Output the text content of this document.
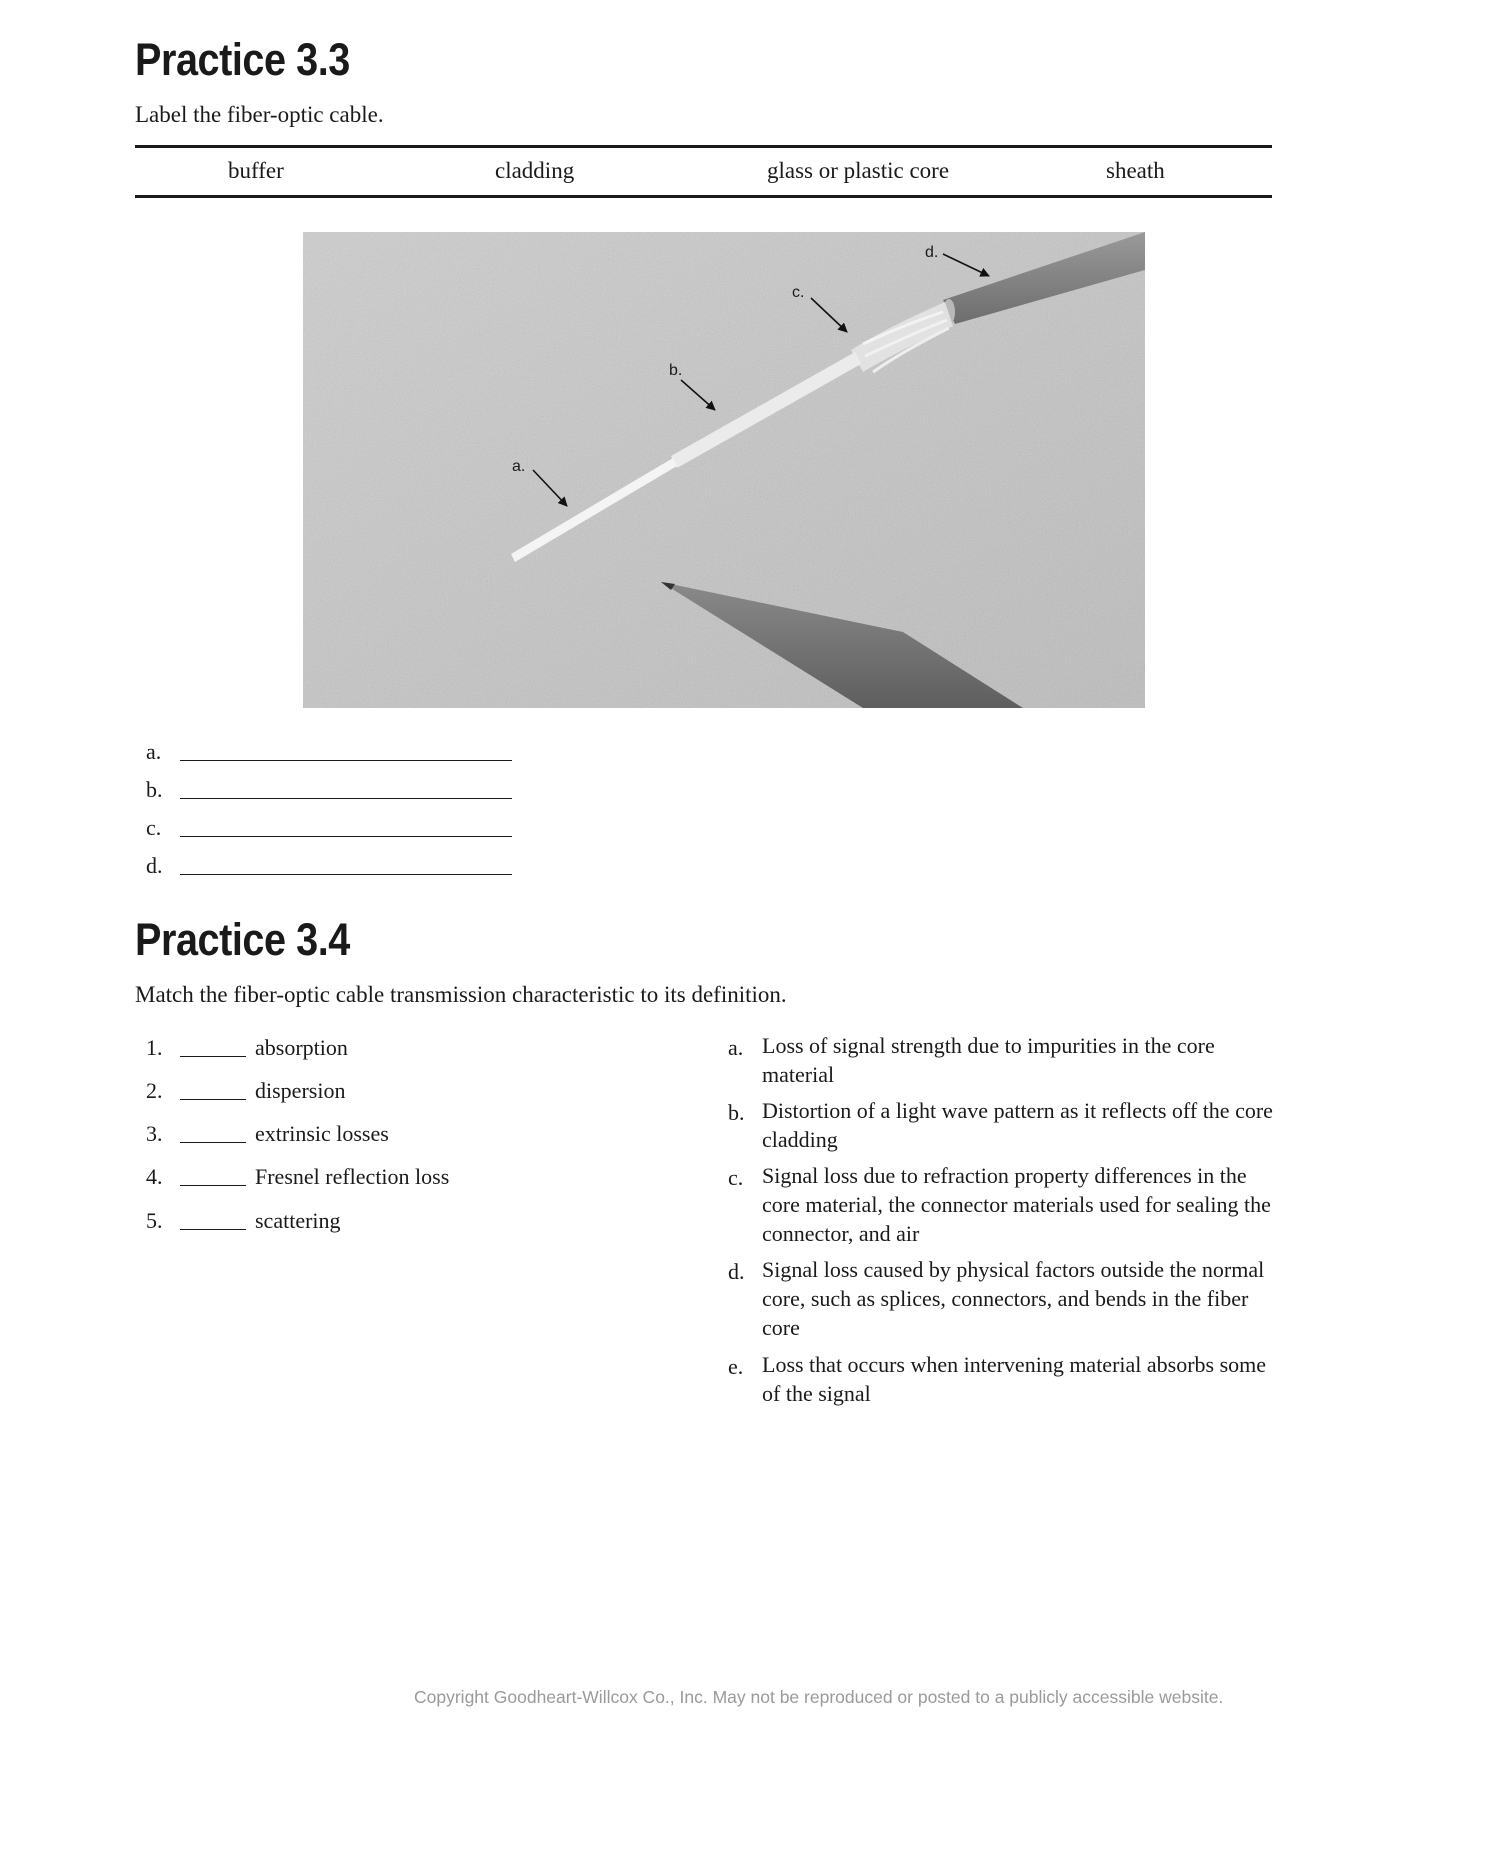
Practice 3.3
Label the fiber-optic cable.
buffer	cladding	glass or plastic core	sheath
a.
b.
c.
d.
a.
b.
c.
d.
Practice 3.4
Match the fiber-optic cable transmission characteristic to its definition.
1.	absorption
2.	dispersion
3.	extrinsic losses
4.	Fresnel reflection loss
5.	scattering
a. Loss of signal strength due to impurities in the core material
b. Distortion of a light wave pattern as it reflects off the core cladding
c. Signal loss due to refraction property differences in the core material, the connector materials used for sealing the connector, and air
d. Signal loss caused by physical factors outside the normal core, such as splices, connectors, and bends in the fiber core
e. Loss that occurs when intervening material absorbs some of the signal
Copyright Goodheart-Willcox Co., Inc. May not be reproduced or posted to a publicly accessible website.
